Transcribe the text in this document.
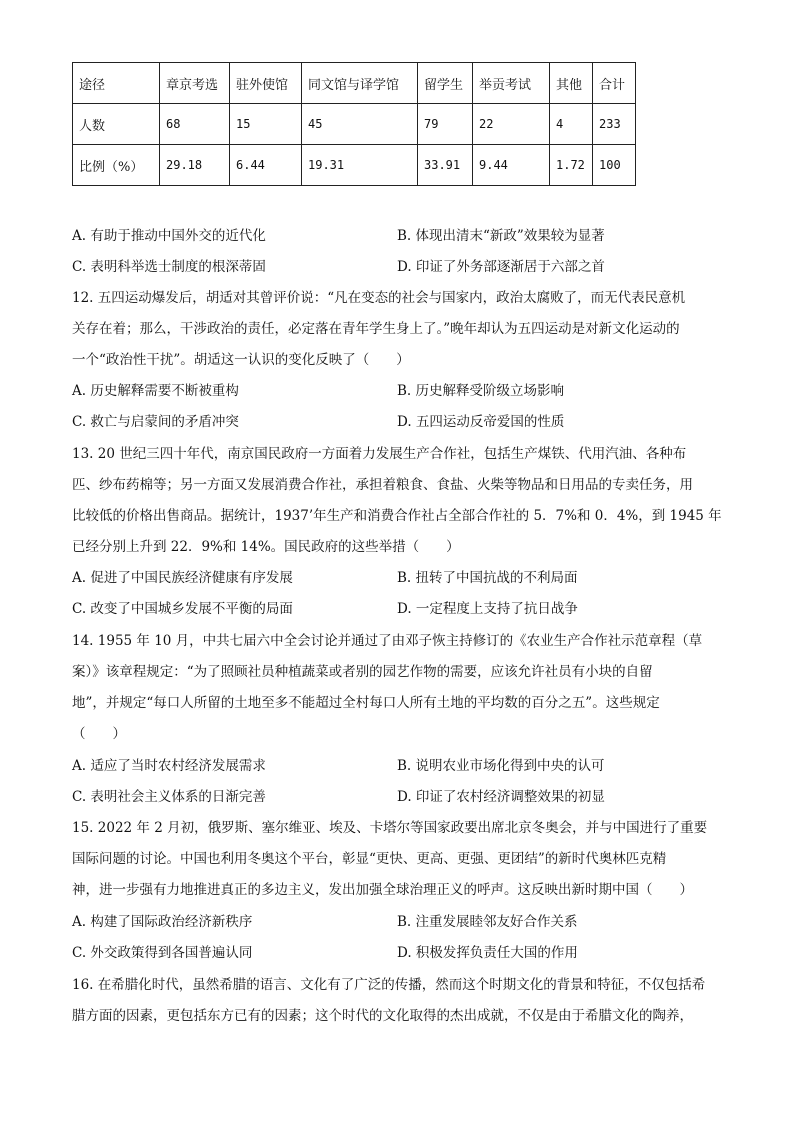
途径	章京考选	驻外使馆	同文馆与译学馆	留学生	举贡考试	其他	合计
人数	68	15	45	79	22	4	233
比例（%）	29.18	6.44	19.31	33.91	9.44	1.72	100
A. 有助于推动中国外交的近代化	B. 体现出清末“新政”效果较为显著
C. 表明科举选士制度的根深蒂固	D. 印证了外务部逐渐居于六部之首
12. 五四运动爆发后，胡适对其曾评价说：“凡在变态的社会与国家内，政治太腐败了，而无代表民意机
关存在着；那么，干涉政治的责任，必定落在青年学生身上了。”晚年却认为五四运动是对新文化运动的
一个“政治性干扰”。胡适这一认识的变化反映了（　　）
A. 历史解释需要不断被重构	B. 历史解释受阶级立场影响
C. 救亡与启蒙间的矛盾冲突	D. 五四运动反帝爱国的性质
13. 20 世纪三四十年代，南京国民政府一方面着力发展生产合作社，包括生产煤铁、代用汽油、各种布
匹、纱布药棉等；另一方面又发展消费合作社，承担着粮食、食盐、火柴等物品和日用品的专卖任务，用
比较低的价格出售商品。据统计，1937’年生产和消费合作社占全部合作社的 5．7%和 0．4%，到 1945 年
已经分别上升到 22．9%和 14%。国民政府的这些举措（　　）
A. 促进了中国民族经济健康有序发展	B. 扭转了中国抗战的不利局面
C. 改变了中国城乡发展不平衡的局面	D. 一定程度上支持了抗日战争
14. 1955 年 10 月，中共七届六中全会讨论并通过了由邓子恢主持修订的《农业生产合作社示范章程（草
案）》该章程规定：“为了照顾社员种植蔬菜或者别的园艺作物的需要，应该允许社员有小块的自留
地”，并规定“每口人所留的土地至多不能超过全村每口人所有土地的平均数的百分之五”。这些规定
（　　）
A. 适应了当时农村经济发展需求	B. 说明农业市场化得到中央的认可
C. 表明社会主义体系的日渐完善	D. 印证了农村经济调整效果的初显
15. 2022 年 2 月初，俄罗斯、塞尔维亚、埃及、卡塔尔等国家政要出席北京冬奥会，并与中国进行了重要
国际问题的讨论。中国也利用冬奥这个平台，彰显“更快、更高、更强、更团结”的新时代奥林匹克精
神，进一步强有力地推进真正的多边主义，发出加强全球治理正义的呼声。这反映出新时期中国（　　）
A. 构建了国际政治经济新秩序	B. 注重发展睦邻友好合作关系
C. 外交政策得到各国普遍认同	D. 积极发挥负责任大国的作用
16. 在希腊化时代，虽然希腊的语言、文化有了广泛的传播，然而这个时期文化的背景和特征，不仅包括希
腊方面的因素，更包括东方已有的因素；这个时代的文化取得的杰出成就，不仅是由于希腊文化的陶养，
